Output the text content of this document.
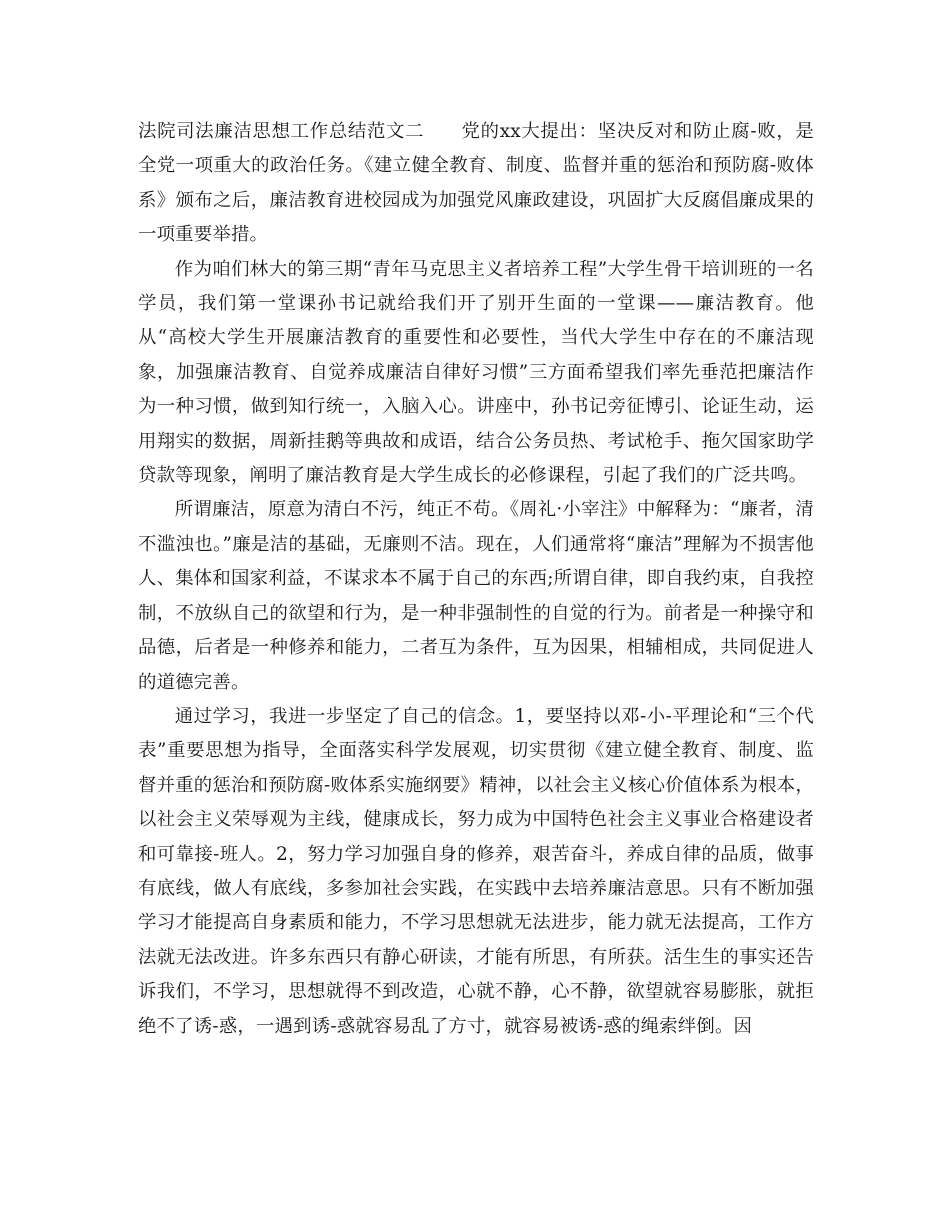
法院司法廉洁思想工作总结范文二 党的xx大提出：坚决反对和防止腐-败，是全党一项重大的政治任务。《建立健全教育、制度、监督并重的惩治和预防腐-败体系》颁布之后，廉洁教育进校园成为加强党风廉政建设，巩固扩大反腐倡廉成果的一项重要举措。

作为咱们林大的第三期“青年马克思主义者培养工程”大学生骨干培训班的一名学员，我们第一堂课孙书记就给我们开了别开生面的一堂课——廉洁教育。他从“高校大学生开展廉洁教育的重要性和必要性，当代大学生中存在的不廉洁现象，加强廉洁教育、自觉养成廉洁自律好习惯”三方面希望我们率先垂范把廉洁作为一种习惯，做到知行统一，入脑入心。讲座中，孙书记旁征博引、论证生动，运用翔实的数据，周新挂鹅等典故和成语，结合公务员热、考试枪手、拖欠国家助学贷款等现象，阐明了廉洁教育是大学生成长的必修课程，引起了我们的广泛共鸣。

所谓廉洁，原意为清白不污，纯正不苟。《周礼·小宰注》中解释为：“廉者，清不滥浊也。”廉是洁的基础，无廉则不洁。现在，人们通常将“廉洁”理解为不损害他人、集体和国家利益，不谋求本不属于自己的东西;所谓自律，即自我约束，自我控制，不放纵自己的欲望和行为，是一种非强制性的自觉的行为。前者是一种操守和品德，后者是一种修养和能力，二者互为条件，互为因果，相辅相成，共同促进人的道德完善。

通过学习，我进一步坚定了自己的信念。1，要坚持以邓-小-平理论和“三个代表”重要思想为指导，全面落实科学发展观，切实贯彻《建立健全教育、制度、监督并重的惩治和预防腐-败体系实施纲要》精神，以社会主义核心价值体系为根本，以社会主义荣辱观为主线，健康成长，努力成为中国特色社会主义事业合格建设者和可靠接-班人。2，努力学习加强自身的修养，艰苦奋斗，养成自律的品质，做事有底线，做人有底线，多参加社会实践，在实践中去培养廉洁意思。只有不断加强学习才能提高自身素质和能力，不学习思想就无法进步，能力就无法提高，工作方法就无法改进。许多东西只有静心研读，才能有所思，有所获。活生生的事实还告诉我们，不学习，思想就得不到改造，心就不静，心不静，欲望就容易膨胀，就拒绝不了诱-惑，一遇到诱-惑就容易乱了方寸，就容易被诱-惑的绳索绊倒。因
